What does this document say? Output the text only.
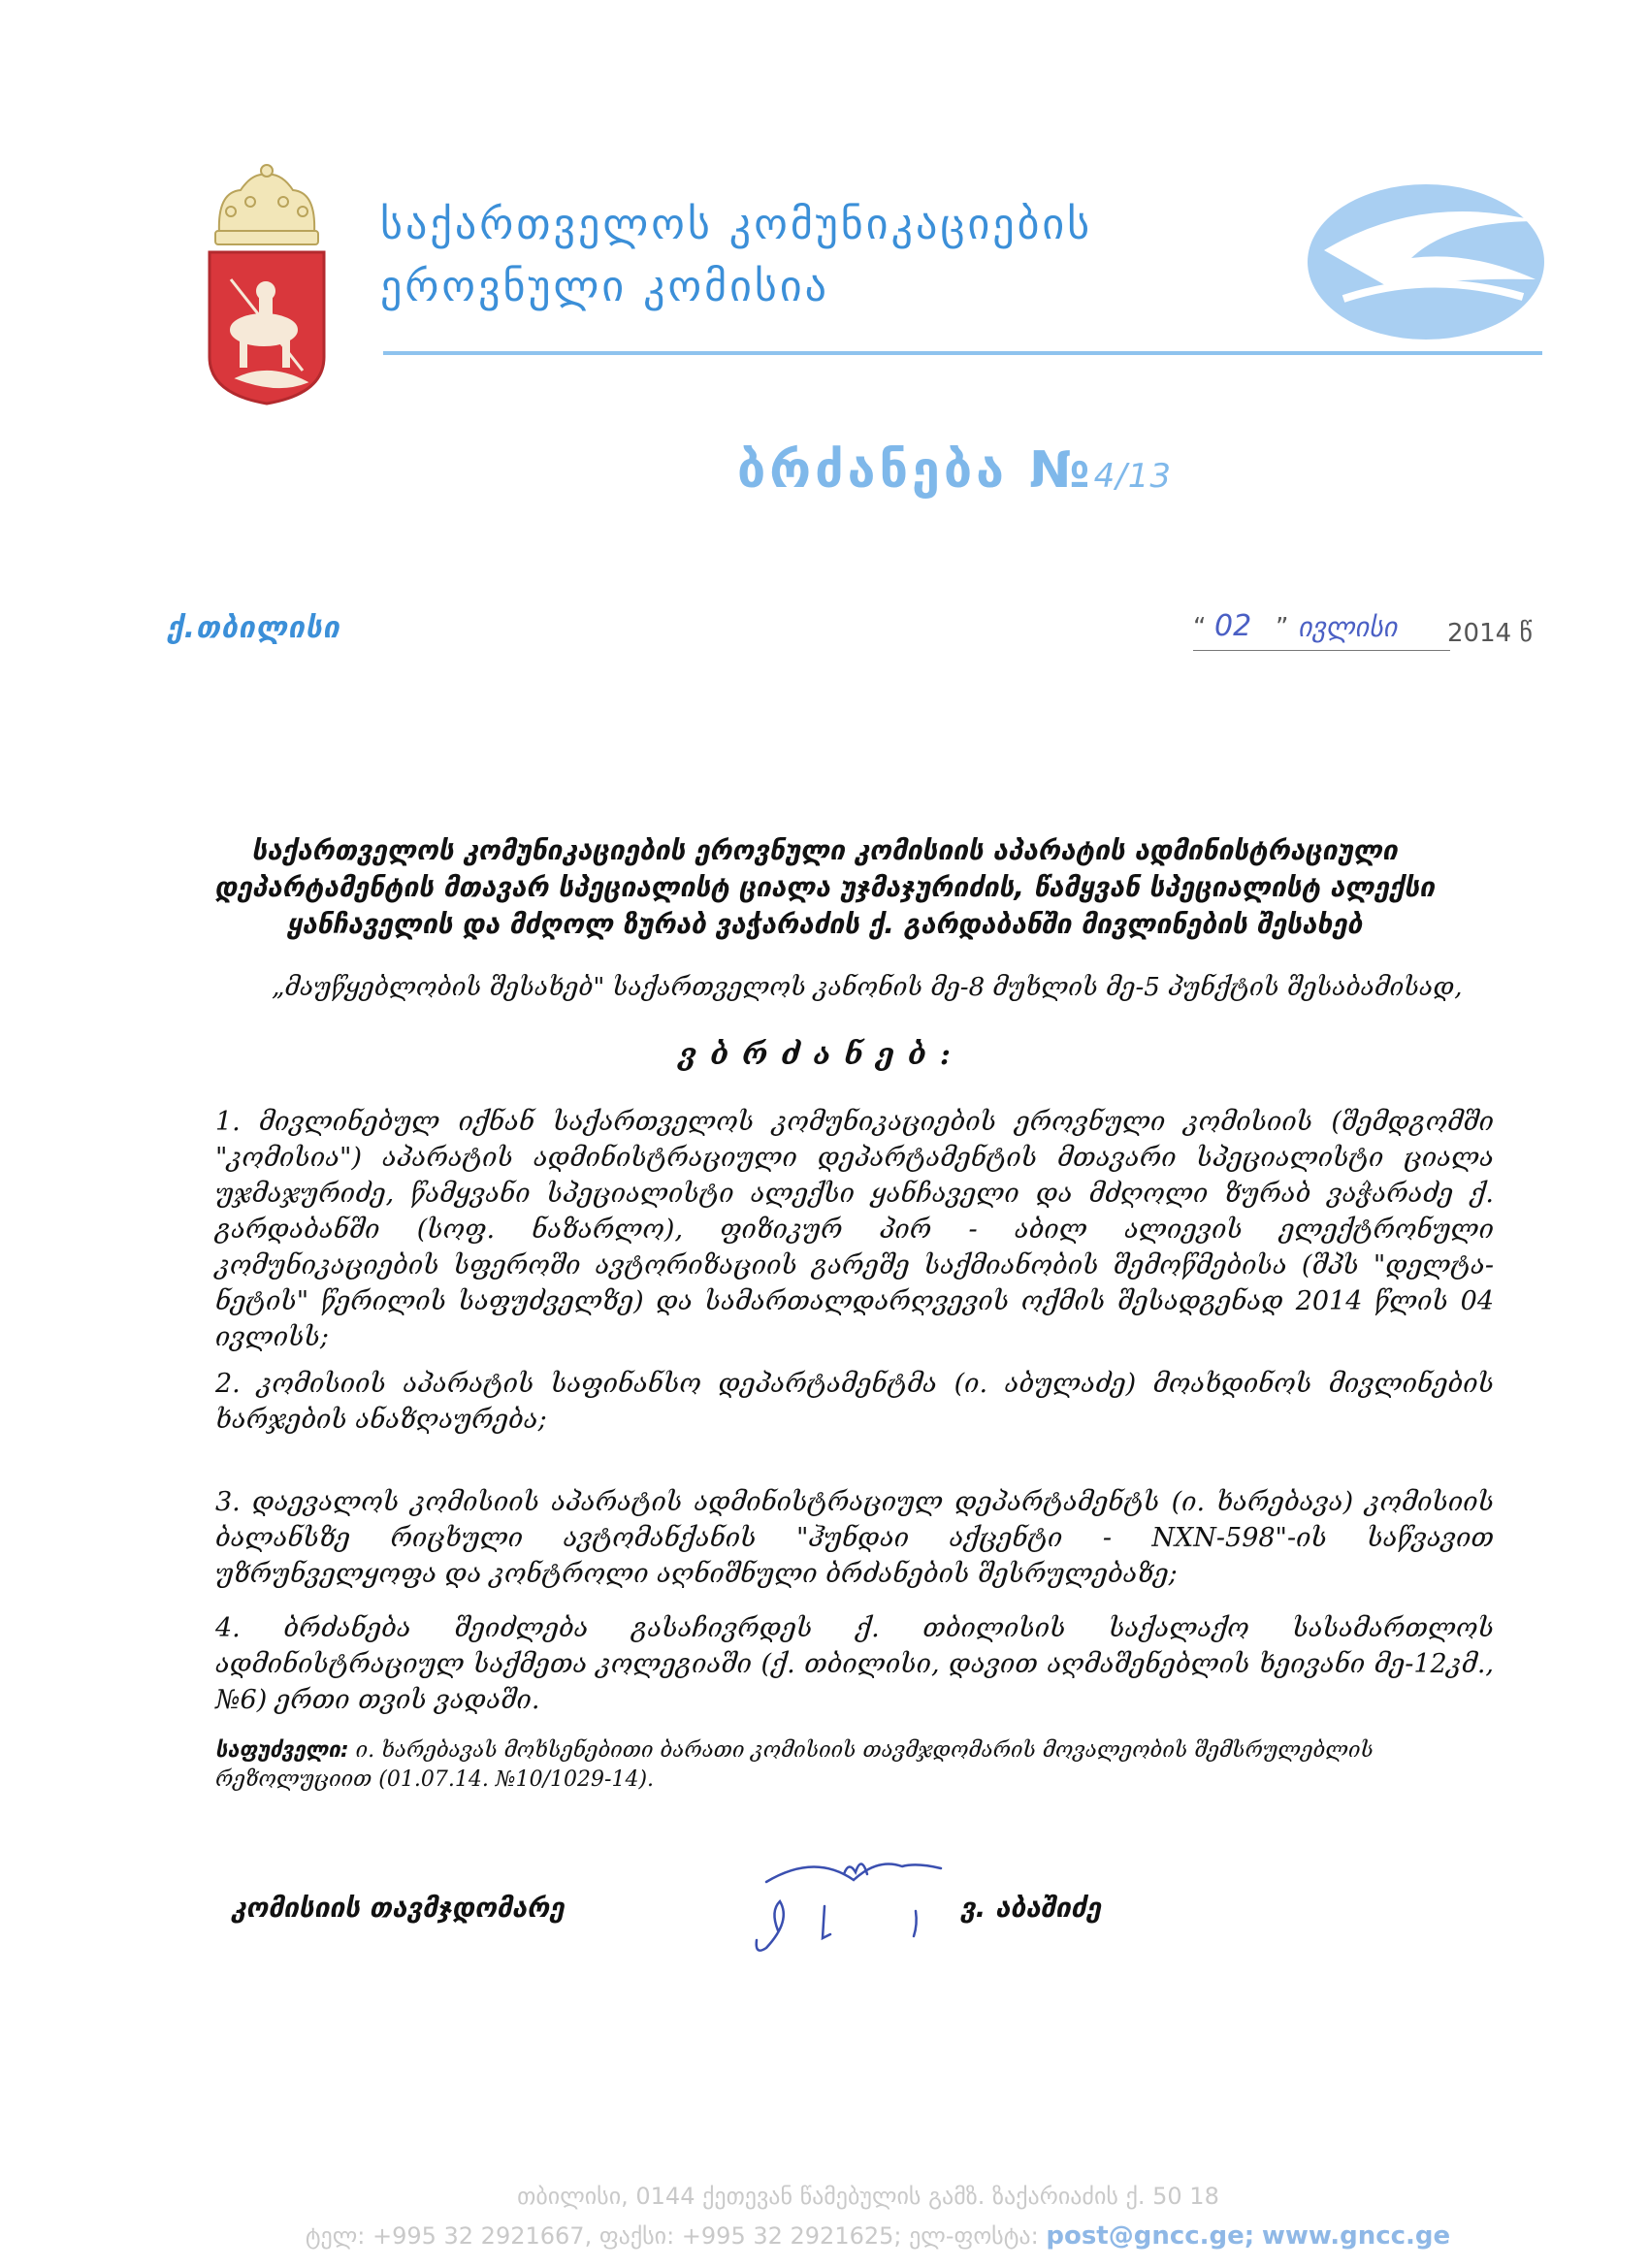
საქართველოს კომუნიკაციების
ეროვნული კომისია
ბრძანება №4/13
ქ.თბილისი	“ 02 ” ივლისი 2014 წ
საქართველოს კომუნიკაციების ეროვნული კომისიის აპარატის ადმინისტრაციული დეპარტამენტის მთავარ სპეციალისტ ციალა უჯმაჯურიძის, წამყვან სპეციალისტ ალექსი ყანჩაველის და მძღოლ ზურაბ ვაჭარაძის ქ. გარდაბანში მივლინების შესახებ
„მაუწყებლობის შესახებ" საქართველოს კანონის მე-8 მუხლის მე-5 პუნქტის შესაბამისად,
ვბრძანებ:
1. მივლინებულ იქნან საქართველოს კომუნიკაციების ეროვნული კომისიის (შემდგომში "კომისია") აპარატის ადმინისტრაციული დეპარტამენტის მთავარი სპეციალისტი ციალა უჯმაჯურიძე, წამყვანი სპეციალისტი ალექსი ყანჩაველი და მძღოლი ზურაბ ვაჭარაძე ქ. გარდაბანში (სოფ. ნაზარლო), ფიზიკურ პირ - აბილ ალიევის ელექტრონული კომუნიკაციების სფეროში ავტორიზაციის გარეშე საქმიანობის შემოწმებისა (შპს "დელტა-ნეტის" წერილის საფუძველზე) და სამართალდარღვევის ოქმის შესადგენად 2014 წლის 04 ივლისს;
2. კომისიის აპარატის საფინანსო დეპარტამენტმა (ი. აბულაძე) მოახდინოს მივლინების ხარჯების ანაზღაურება;
3. დაევალოს კომისიის აპარატის ადმინისტრაციულ დეპარტამენტს (ი. ხარებავა) კომისიის ბალანსზე რიცხული ავტომანქანის "ჰუნდაი აქცენტი - NXN-598"-ის საწვავით უზრუნველყოფა და კონტროლი აღნიშნული ბრძანების შესრულებაზე;
4. ბრძანება შეიძლება გასაჩივრდეს ქ. თბილისის საქალაქო სასამართლოს ადმინისტრაციულ საქმეთა კოლეგიაში (ქ. თბილისი, დავით აღმაშენებლის ხეივანი მე-12კმ., №6) ერთი თვის ვადაში.
საფუძველი: ი. ხარებავას მოხსენებითი ბარათი კომისიის თავმჯდომარის მოვალეობის შემსრულებლის რეზოლუციით (01.07.14. №10/1029-14).
კომისიის თავმჯდომარე	ვ. აბაშიძე
თბილისი, 0144 ქეთევან წამებულის გამზ. ზაქარიაძის ქ. 50 18
ტელ: +995 32 2921667, ფაქსი: +995 32 2921625; ელ-ფოსტა: post@gncc.ge; www.gncc.ge
